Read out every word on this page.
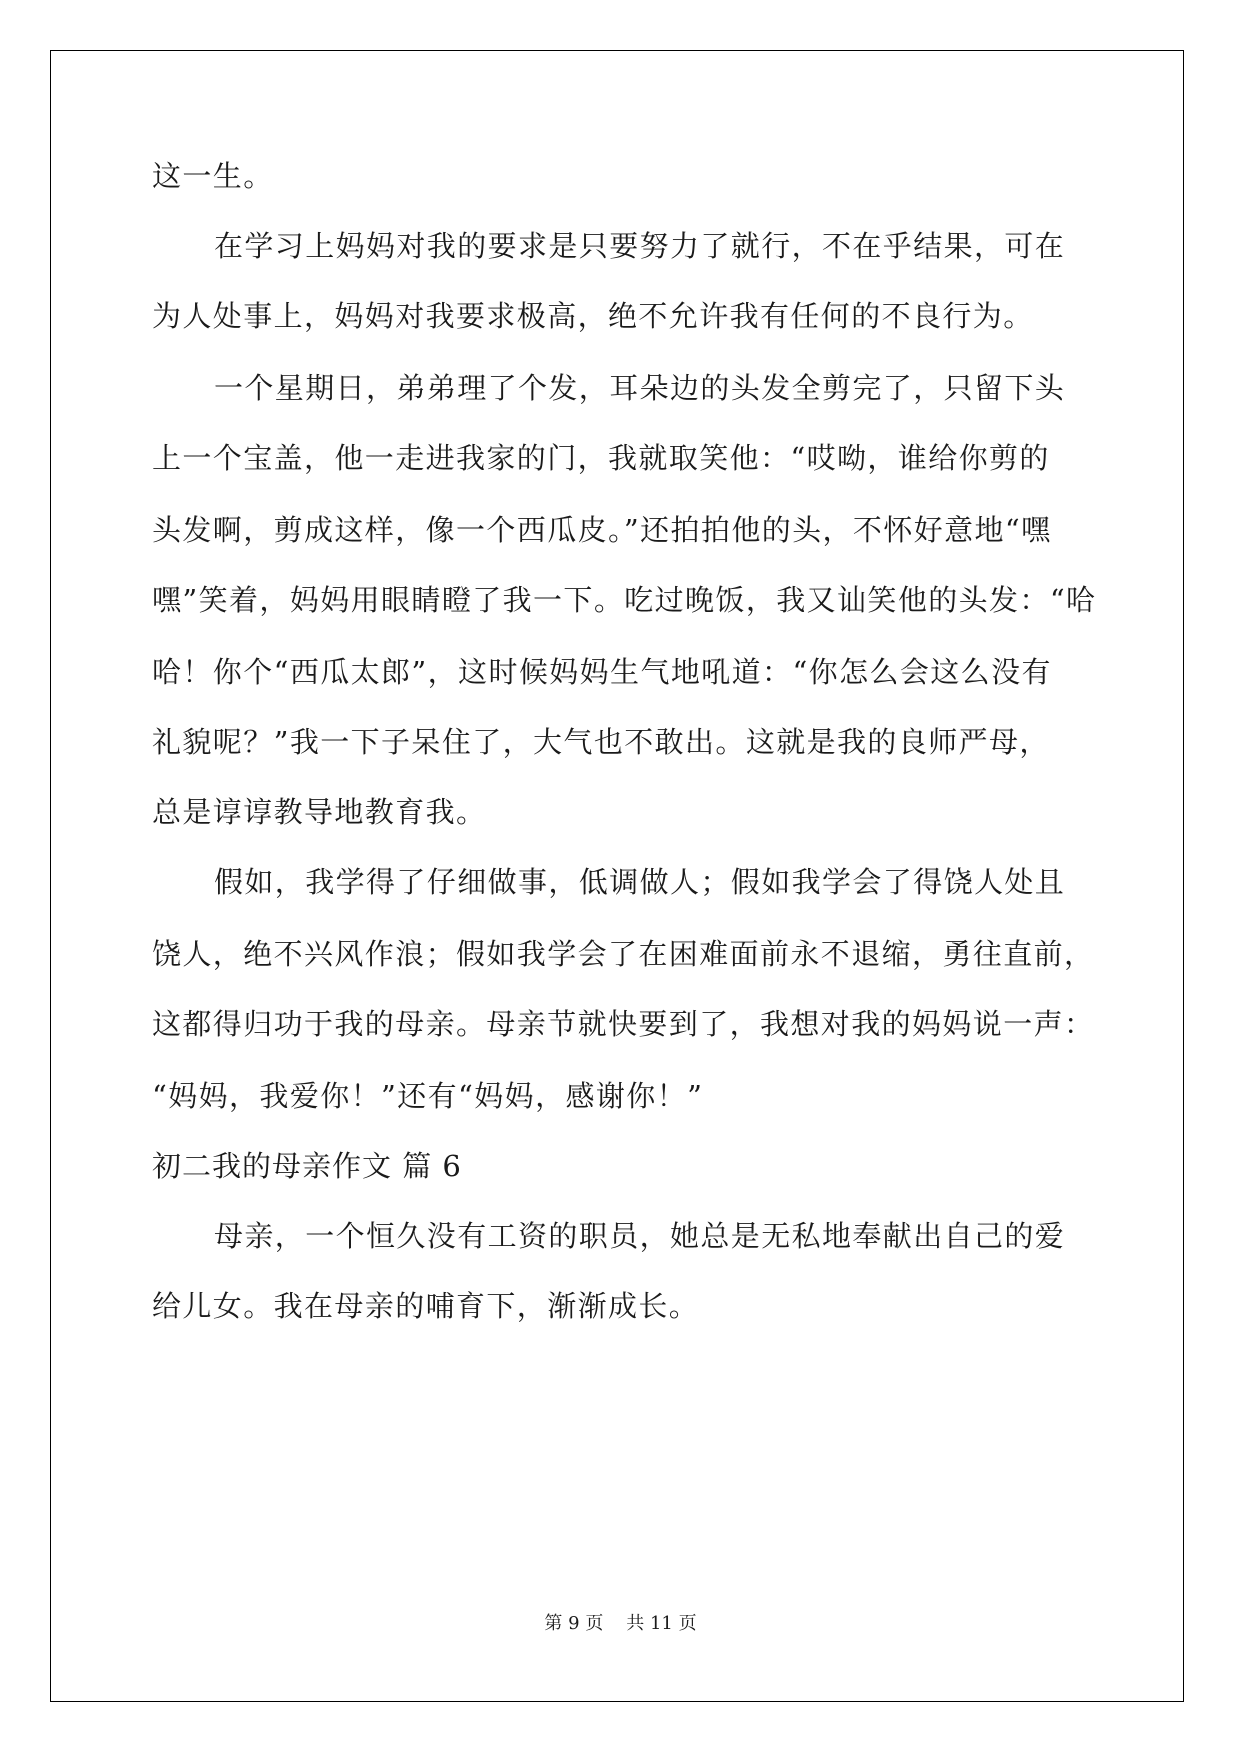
这一生。
在学习上妈妈对我的要求是只要努力了就行，不在乎结果，可在
为人处事上，妈妈对我要求极高，绝不允许我有任何的不良行为。
一个星期日，弟弟理了个发，耳朵边的头发全剪完了，只留下头
上一个宝盖，他一走进我家的门，我就取笑他：“哎呦，谁给你剪的
头发啊，剪成这样，像一个西瓜皮。”还拍拍他的头，不怀好意地“嘿
嘿”笑着，妈妈用眼睛瞪了我一下。吃过晚饭，我又讪笑他的头发：“哈
哈！你个“西瓜太郎”，这时候妈妈生气地吼道：“你怎么会这么没有
礼貌呢？”我一下子呆住了，大气也不敢出。这就是我的良师严母，
总是谆谆教导地教育我。
假如，我学得了仔细做事，低调做人；假如我学会了得饶人处且
饶人，绝不兴风作浪；假如我学会了在困难面前永不退缩，勇往直前，
这都得归功于我的母亲。母亲节就快要到了，我想对我的妈妈说一声：
“妈妈，我爱你！”还有“妈妈，感谢你！”
初二我的母亲作文 篇 6
母亲，一个恒久没有工资的职员，她总是无私地奉献出自己的爱
给儿女。我在母亲的哺育下，渐渐成长。
第 9 页 共 11 页
